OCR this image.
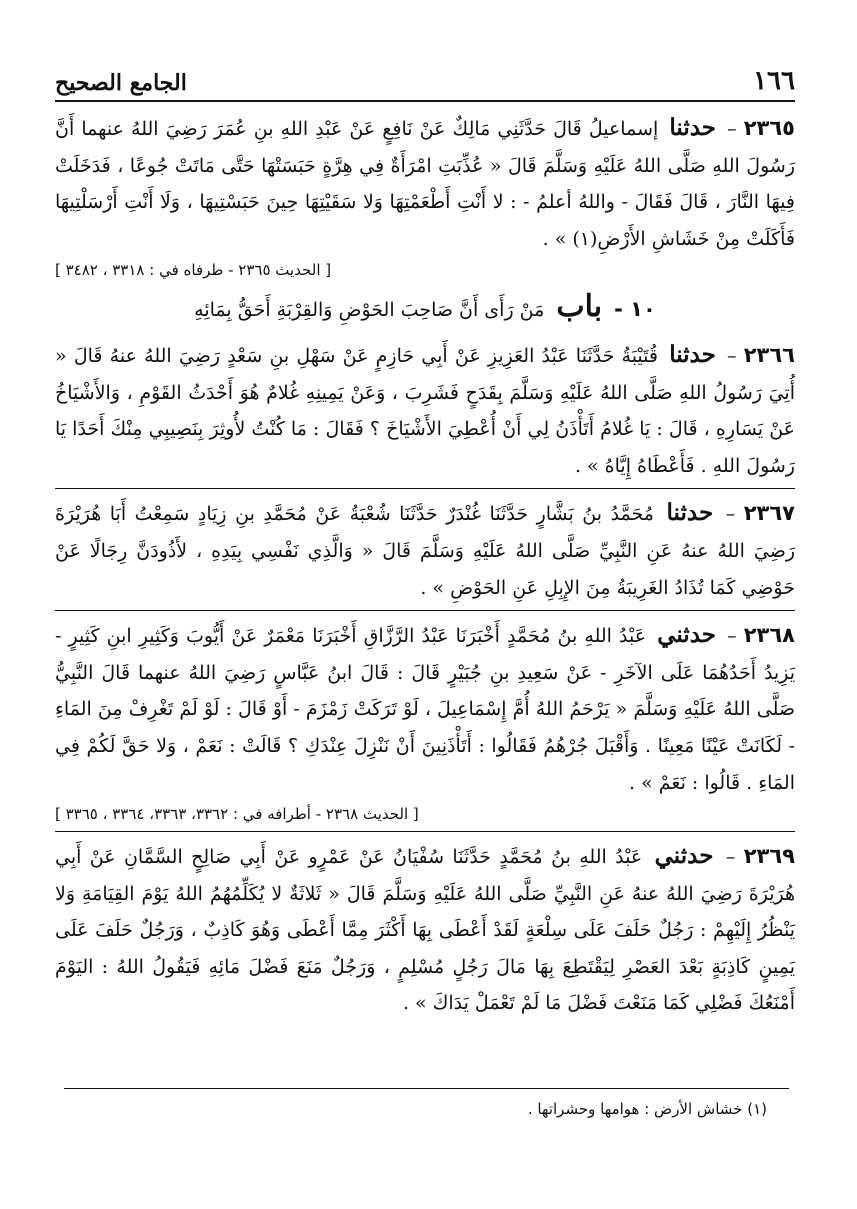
١٦٦
الجامع الصحيح

٢٣٦٥ – حدثنا إسماعيلُ قَالَ حَدَّثَنِي مَالِكٌ عَنْ نَافِعٍ عَنْ عَبْدِ اللهِ بنِ عُمَرَ رَضِيَ اللهُ عنهما أَنَّ رَسُولَ اللهِ صَلَّى اللهُ عَلَيْهِ وَسَلَّمَ قَالَ « عُذِّبَتِ امْرَأَةٌ فِي هِرَّةٍ حَبَسَتْهَا حَتَّى مَاتَتْ جُوعًا ، فَدَخَلَتْ فِيهَا النَّارَ ، قَالَ فَقَالَ - واللهُ أعلمُ - : لا أَنْتِ أَطْعَمْتِهَا وَلا سَقَيْتِهَا حِينَ حَبَسْتِيهَا ، وَلَا أَنْتِ أَرْسَلْتِيهَا فَأَكَلَتْ مِنْ خَشَاشِ الأَرْضِ(١) » .

[ الحديث ٢٣٦٥ - طرفاه في : ٣٣١٨ ، ٣٤٨٢ ]

١٠ - باب مَنْ رَأَى أَنَّ صَاحِبَ الحَوْضِ وَالقِرْبَةِ أَحَقُّ بِمَائِهِ

٢٣٦٦ – حدثنا قُتَيْبَةُ حَدَّثَنَا عَبْدُ العَزِيزِ عَنْ أَبِي حَازِمٍ عَنْ سَهْلِ بنِ سَعْدٍ رَضِيَ اللهُ عنهُ قَالَ « أُتِيَ رَسُولُ اللهِ صَلَّى اللهُ عَلَيْهِ وَسَلَّمَ بِقَدَحٍ فَشَرِبَ ، وَعَنْ يَمِينِهِ غُلامٌ هُوَ أَحْدَثُ القَوْمِ ، وَالأَشْيَاخُ عَنْ يَسَارِهِ ، قَالَ : يَا غُلامُ أَتَأْذَنُ لِي أَنْ أُعْطِيَ الأَشْيَاخَ ؟ فَقَالَ : مَا كُنْتُ لأُوثِرَ بِنَصِيبِي مِنْكَ أَحَدًا يَا رَسُولَ اللهِ . فَأَعْطَاهُ إِيَّاهُ » .

٢٣٦٧ – حدثنا مُحَمَّدُ بنُ بَشَّارٍ حَدَّثَنَا غُنْدَرٌ حَدَّثَنَا شُعْبَةُ عَنْ مُحَمَّدِ بنِ زِيَادٍ سَمِعْتُ أَبَا هُرَيْرَةَ رَضِيَ اللهُ عنهُ عَنِ النَّبِيِّ صَلَّى اللهُ عَلَيْهِ وَسَلَّمَ قَالَ « وَالَّذِي نَفْسِي بِيَدِهِ ، لأَذُودَنَّ رِجَالًا عَنْ حَوْضِي كَمَا تُذَادُ الغَرِيبَةُ مِنَ الإِبِلِ عَنِ الحَوْضِ » .

٢٣٦٨ – حدثني عَبْدُ اللهِ بنُ مُحَمَّدٍ أَخْبَرَنَا عَبْدُ الرَّزَّاقِ أَخْبَرَنَا مَعْمَرٌ عَنْ أَيُّوبَ وَكَثِيرِ ابنِ كَثِيرٍ - يَزِيدُ أَحَدُهُمَا عَلَى الآخَرِ - عَنْ سَعِيدِ بنِ جُبَيْرٍ قَالَ : قَالَ ابنُ عَبَّاسٍ رَضِيَ اللهُ عنهما قَالَ النَّبِيُّ صَلَّى اللهُ عَلَيْهِ وَسَلَّمَ « يَرْحَمُ اللهُ أُمَّ إِسْمَاعِيلَ ، لَوْ تَرَكَتْ زَمْزَمَ - أَوْ قَالَ : لَوْ لَمْ تَغْرِفْ مِنَ المَاءِ - لَكَانَتْ عَيْنًا مَعِينًا . وَأَقْبَلَ جُرْهُمُ فَقَالُوا : أَتَأْذَنِينَ أَنْ نَنْزِلَ عِنْدَكِ ؟ قَالَتْ : نَعَمْ ، وَلا حَقَّ لَكُمْ فِي المَاءِ . قَالُوا : نَعَمْ » .

[ الحديث ٢٣٦٨ - أطرافه في : ٣٣٦٢، ٣٣٦٣، ٣٣٦٤ ، ٣٣٦٥ ]

٢٣٦٩ – حدثني عَبْدُ اللهِ بنُ مُحَمَّدٍ حَدَّثَنَا سُفْيَانُ عَنْ عَمْرٍو عَنْ أَبِي صَالِحٍ السَّمَّانِ عَنْ أَبِي هُرَيْرَةَ رَضِيَ اللهُ عنهُ عَنِ النَّبِيِّ صَلَّى اللهُ عَلَيْهِ وَسَلَّمَ قَالَ « ثَلاثَةٌ لا يُكَلِّمُهُمُ اللهُ يَوْمَ القِيَامَةِ وَلا يَنْظُرُ إِلَيْهِمْ : رَجُلٌ حَلَفَ عَلَى سِلْعَةٍ لَقَدْ أَعْطَى بِهَا أَكْثَرَ مِمَّا أَعْطَى وَهُوَ كَاذِبٌ ، وَرَجُلٌ حَلَفَ عَلَى يَمِينٍ كَاذِبَةٍ بَعْدَ العَصْرِ لِيَقْتَطِعَ بِهَا مَالَ رَجُلٍ مُسْلِمٍ ، وَرَجُلٌ مَنَعَ فَضْلَ مَائِهِ فَيَقُولُ اللهُ : اليَوْمَ أَمْنَعُكَ فَضْلِي كَمَا مَنَعْتَ فَضْلَ مَا لَمْ تَعْمَلْ يَدَاكَ » .

(١) خشاش الأرض : هوامها وحشراتها .
